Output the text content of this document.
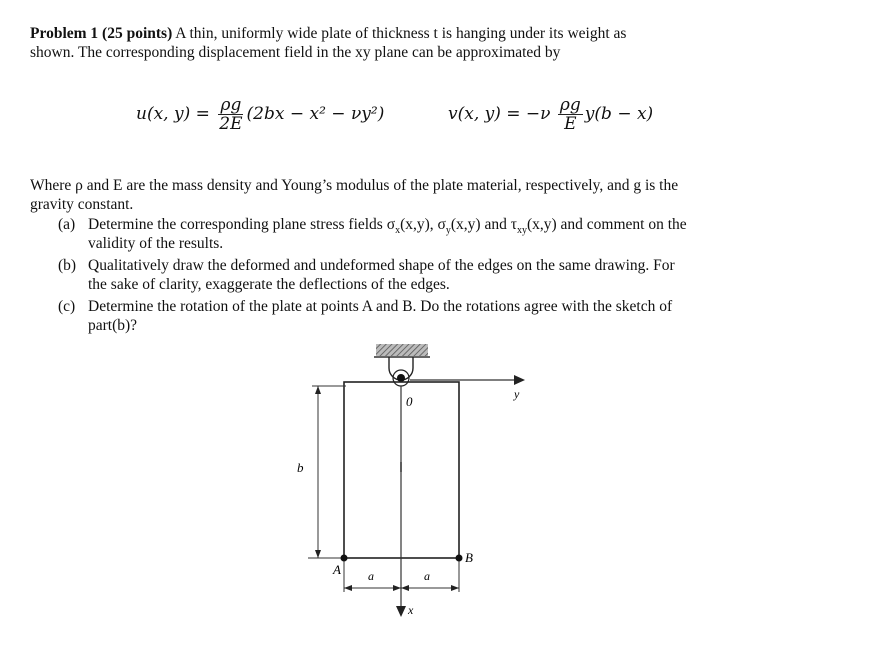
Problem 1 (25 points) A thin, uniformly wide plate of thickness t is hanging under its weight as
shown. The corresponding displacement field in the xy plane can be approximated by
u(x, $y) = \frac{\rho g}{2E} (2bx - x^2 - \nu y^2)$	v(x, $y) = -\nu \frac{\rho g}{E} y(b - x)$
Where ρ and E are the mass density and Young’s modulus of the plate material, respectively, and g is the
gravity constant.
(a) Determine the corresponding plane stress fields $\sigma_x(x,y)$, $\sigma_y(x,y)$ and $\tau_{xy}(x,y)$ and comment on the
validity of the results.
(b) Qualitatively draw the deformed and undeformed shape of the edges on the same drawing. For
the sake of clarity, exaggerate the deflections of the edges.
(c) Determine the rotation of the plate at points A and B. Do the rotations agree with the sketch of
part(b)?
0	y
x
b
a	a
A
B
